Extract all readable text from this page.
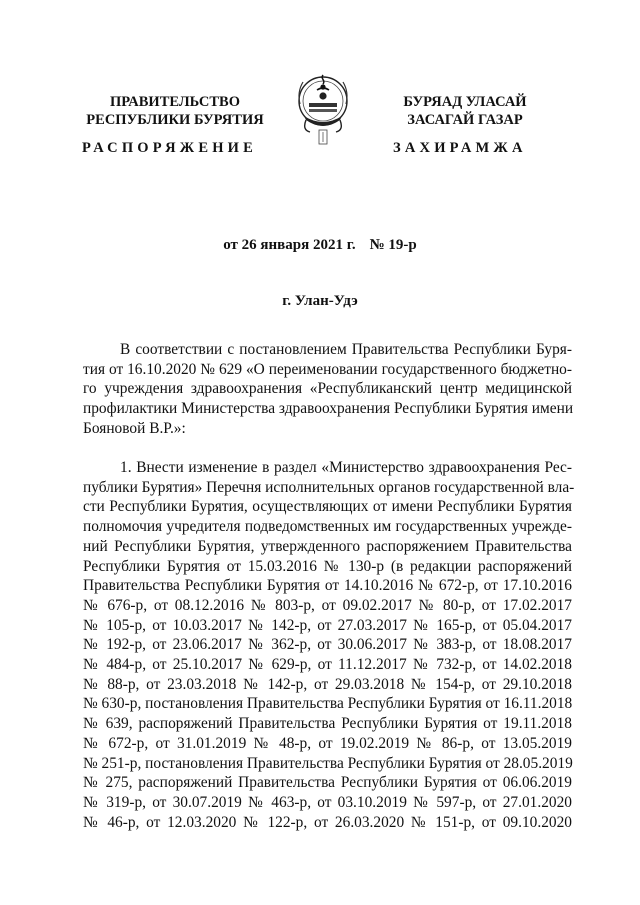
ПРАВИТЕЛЬСТВО
РЕСПУБЛИКИ БУРЯТИЯ
БУРЯАД УЛАСАЙ
ЗАСАГАЙ ГАЗАР
РАСПОРЯЖЕНИЕ	ЗАХИРАМЖА
от 26 января 2021 г. № 19-р
г. Улан-Удэ
В соответствии с постановлением Правительства Республики Буря-
тия от 16.10.2020 № 629 «О переименовании государственного бюджетно-
го учреждения здравоохранения «Республиканский центр медицинской
профилактики Министерства здравоохранения Республики Бурятия имени
Бояновой В.Р.»:
1. Внести изменение в раздел «Министерство здравоохранения Рес-
публики Бурятия» Перечня исполнительных органов государственной вла-
сти Республики Бурятия, осуществляющих от имени Республики Бурятия
полномочия учредителя подведомственных им государственных учрежде-
ний Республики Бурятия, утвержденного распоряжением Правительства
Республики Бурятия от 15.03.2016 № 130-р (в редакции распоряжений
Правительства Республики Бурятия от 14.10.2016 № 672-р, от 17.10.2016
№ 676-р, от 08.12.2016 № 803-р, от 09.02.2017 № 80-р, от 17.02.2017
№ 105-р, от 10.03.2017 № 142-р, от 27.03.2017 № 165-р, от 05.04.2017
№ 192-р, от 23.06.2017 № 362-р, от 30.06.2017 № 383-р, от 18.08.2017
№ 484-р, от 25.10.2017 № 629-р, от 11.12.2017 № 732-р, от 14.02.2018
№ 88-р, от 23.03.2018 № 142-р, от 29.03.2018 № 154-р, от 29.10.2018
№ 630-р, постановления Правительства Республики Бурятия от 16.11.2018
№ 639, распоряжений Правительства Республики Бурятия от 19.11.2018
№ 672-р, от 31.01.2019 № 48-р, от 19.02.2019 № 86-р, от 13.05.2019
№ 251-р, постановления Правительства Республики Бурятия от 28.05.2019
№ 275, распоряжений Правительства Республики Бурятия от 06.06.2019
№ 319-р, от 30.07.2019 № 463-р, от 03.10.2019 № 597-р, от 27.01.2020
№ 46-р, от 12.03.2020 № 122-р, от 26.03.2020 № 151-р, от 09.10.2020
